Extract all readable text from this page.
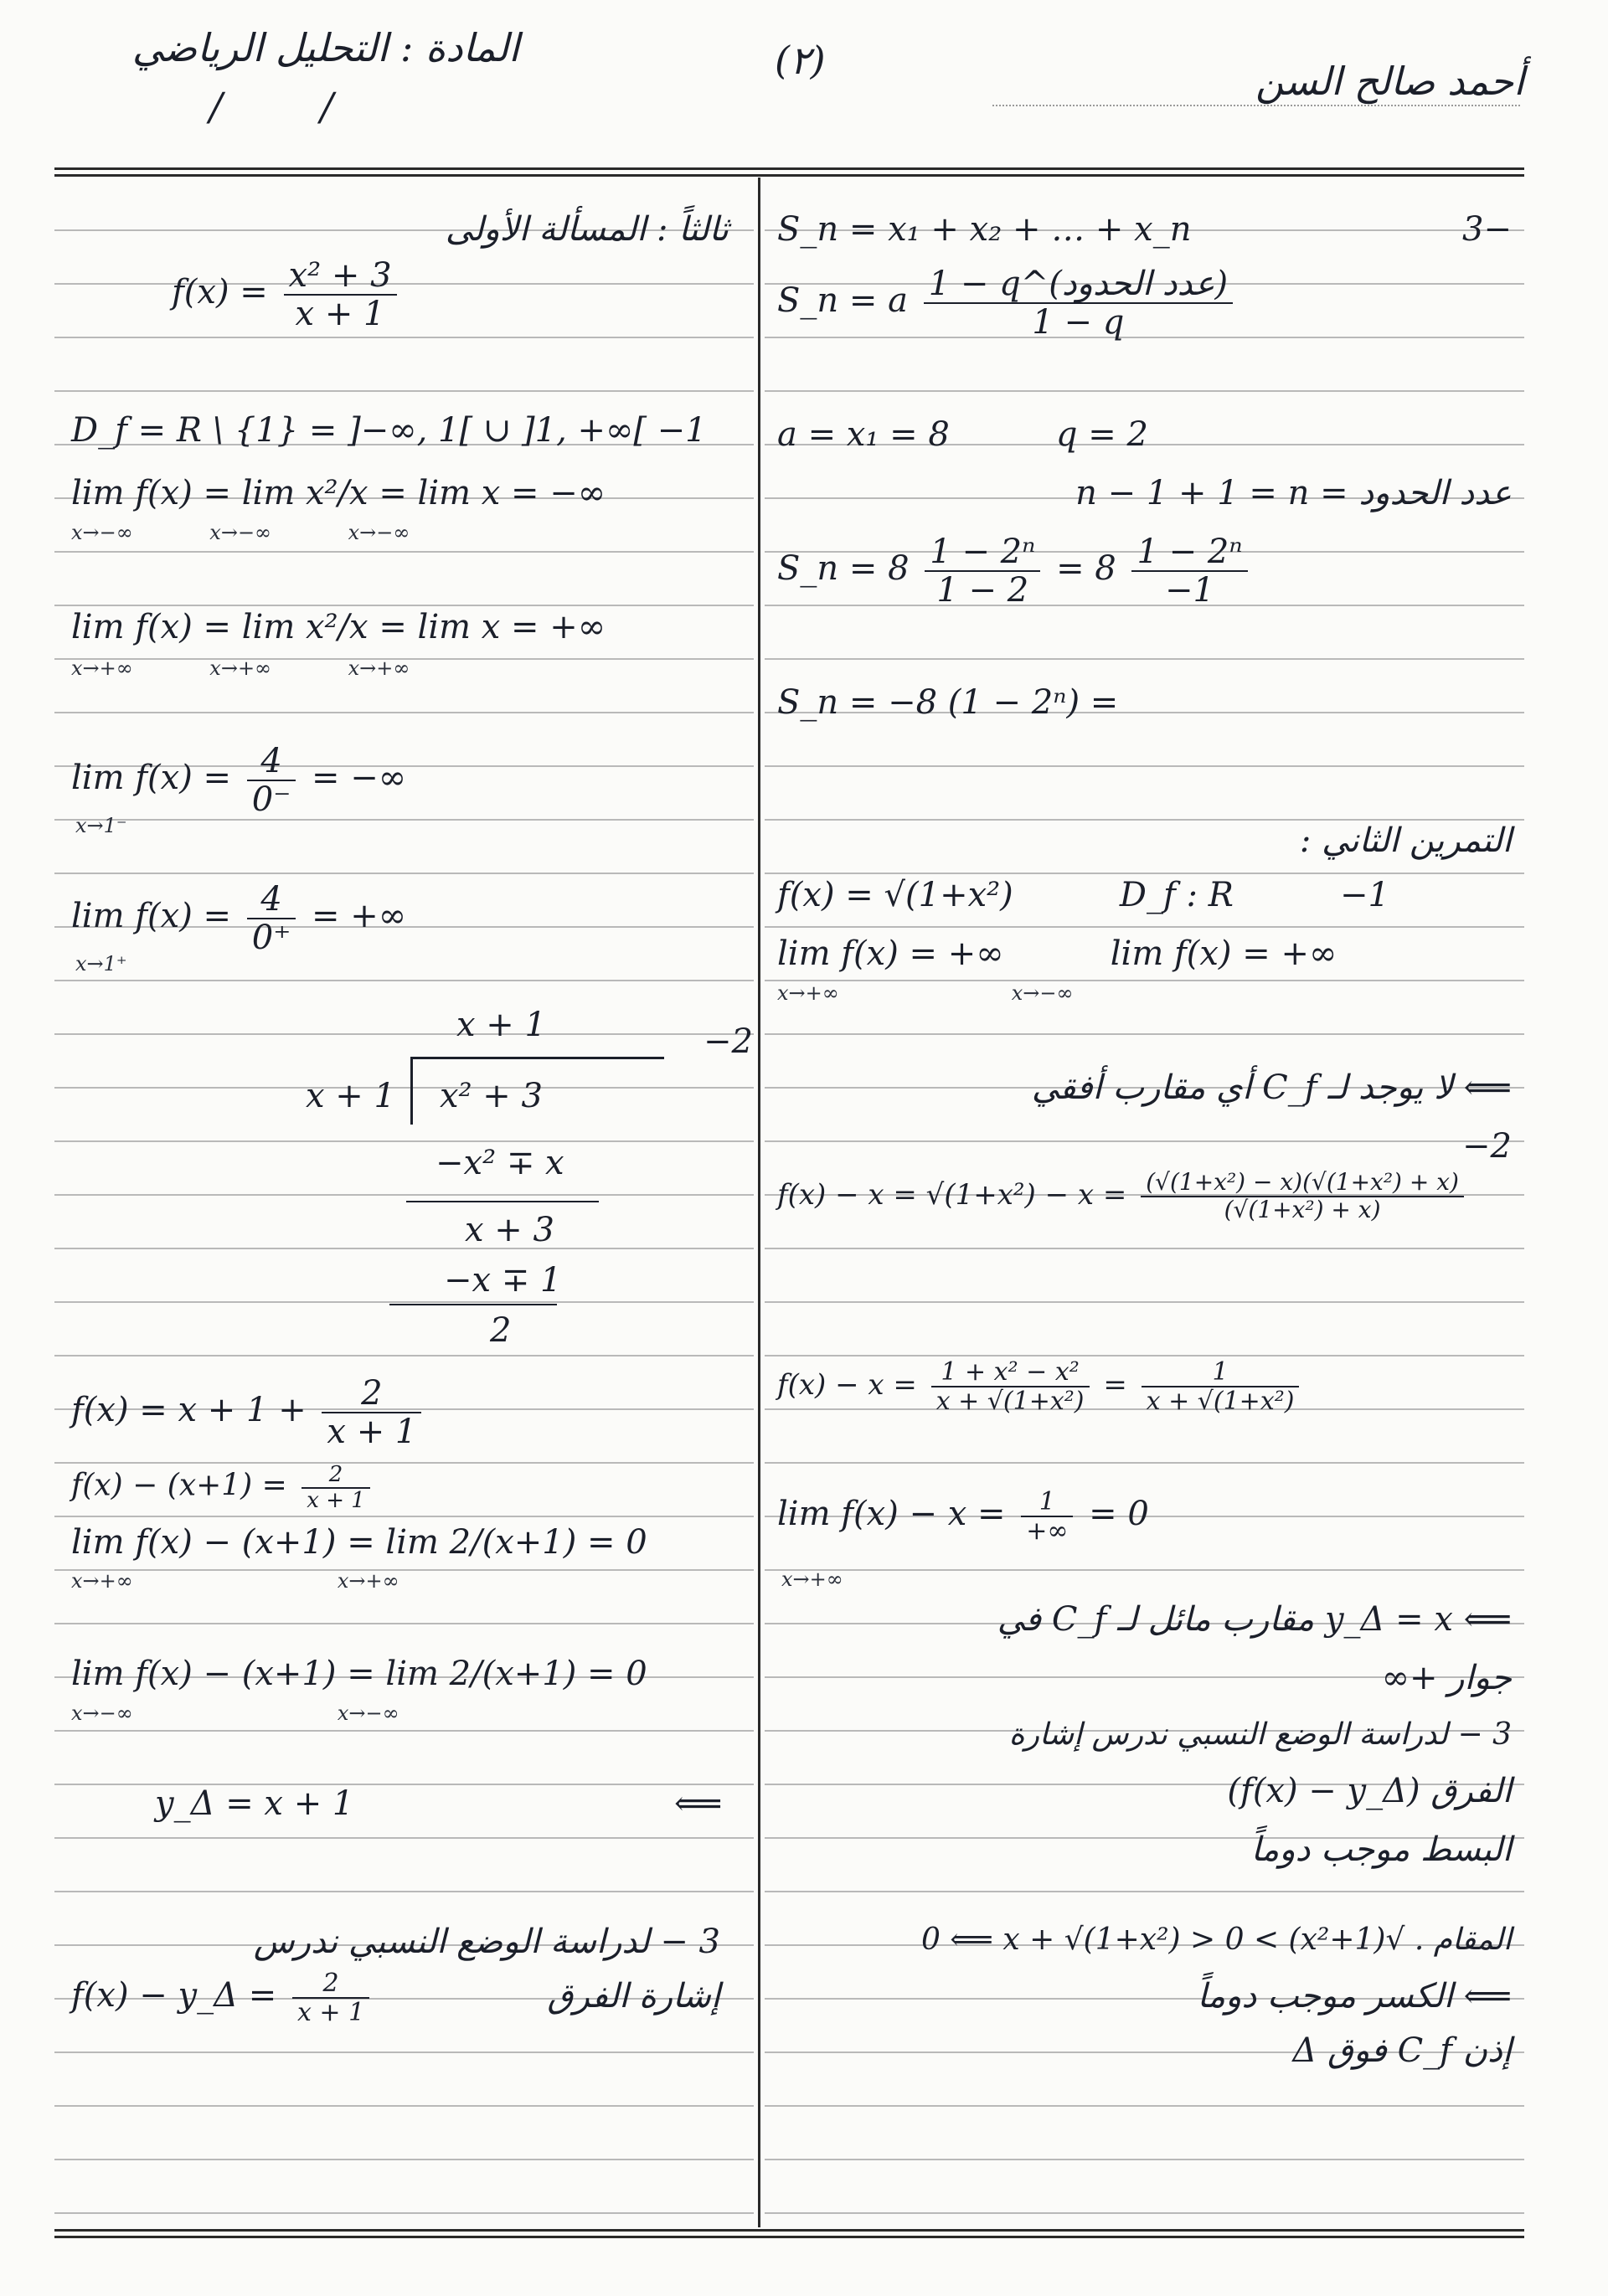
أحمد صالح السن
(٢)
المادة : التحليل الرياضي
/        /
ثالثاً : المسألة الأولى
$f(x) = \frac{\text{x² + 3}}{x + 1}$
D_f = R \ {1} = ]−∞, 1[ ∪ ]1, +∞[ −1
lim f(x) = lim x²/x = lim x = −∞
x→−∞            x→−∞            x→−∞
lim f(x) = lim x²/x = lim x = +∞
x→+∞            x→+∞            x→+∞
$\lim f(x) = \frac{4}{0^-}$ = −∞
x→1⁻
$\lim f(x) = \frac{4}{0^+}$ = +∞
x→1⁺
−2
x + 1
x + 1 x² + 3
−x² ∓ x
x + 3
−x ∓ 1
2
$f(x) = x + 1 + \frac{2}{x + 1}$
$f(x) - (x+1) = \frac{2}{x + 1}$
lim f(x) − (x+1) = lim 2/(x+1) = 0
x→+∞                                x→+∞
lim f(x) − (x+1) = lim 2/(x+1) = 0
x→−∞                                x→−∞
y_Δ = x + 1	⟸
3 − لدراسة الوضع النسبي ندرس
f(x) − y_Δ = $\frac{2}{x + 1}$	إشارة الفرق
3−
S_n = x₁ + x₂ + … + x_n
S_n = a $\frac{\text{1 − q\textasciicircum{}(عدد الحدود)}}{1 - q}$
a = x₁ = 8          q = 2
عدد الحدود = n − 1 + 1 = n
S_n = $8 \frac{\text{1 − 2ⁿ}}{1 - 2} = 8 \frac{\text{1 − 2ⁿ}}{-1}$
S_n = −8 (1 − 2ⁿ) =
التمرين الثاني :
f(x) = √(1+x²)          D_f : R          −1
lim f(x) = +∞          lim f(x) = +∞
x→+∞                           x→−∞
⟸ لا يوجد لـ C_f أي مقارب أفقي
−2
$f(x) - x = √(1+x^2) - x = \frac{\text{(√(1+x²) − x)(√(1+x²) + x)}}{\text{(√(1+x²) + x)}}$
$f(x) - x = \frac{\text{1 + x² − x²}}{\text{x + √(1+x²)}} = \frac{1}{\text{x + √(1+x²)}}$
$\lim f(x) - x = \frac{1}{+\infty} = 0$
x→+∞
⟸ y_Δ = x مقارب مائل لـ C_f في
جوار +∞
3 − لدراسة الوضع النسبي ندرس إشارة
الفرق (f(x) − y_Δ)
البسط موجب دوماً
المقام . √(1+x²) > 0 ⟸ x + √(1+x²) > 0
⟸ الكسر موجب دوماً
إذن C_f فوق Δ
